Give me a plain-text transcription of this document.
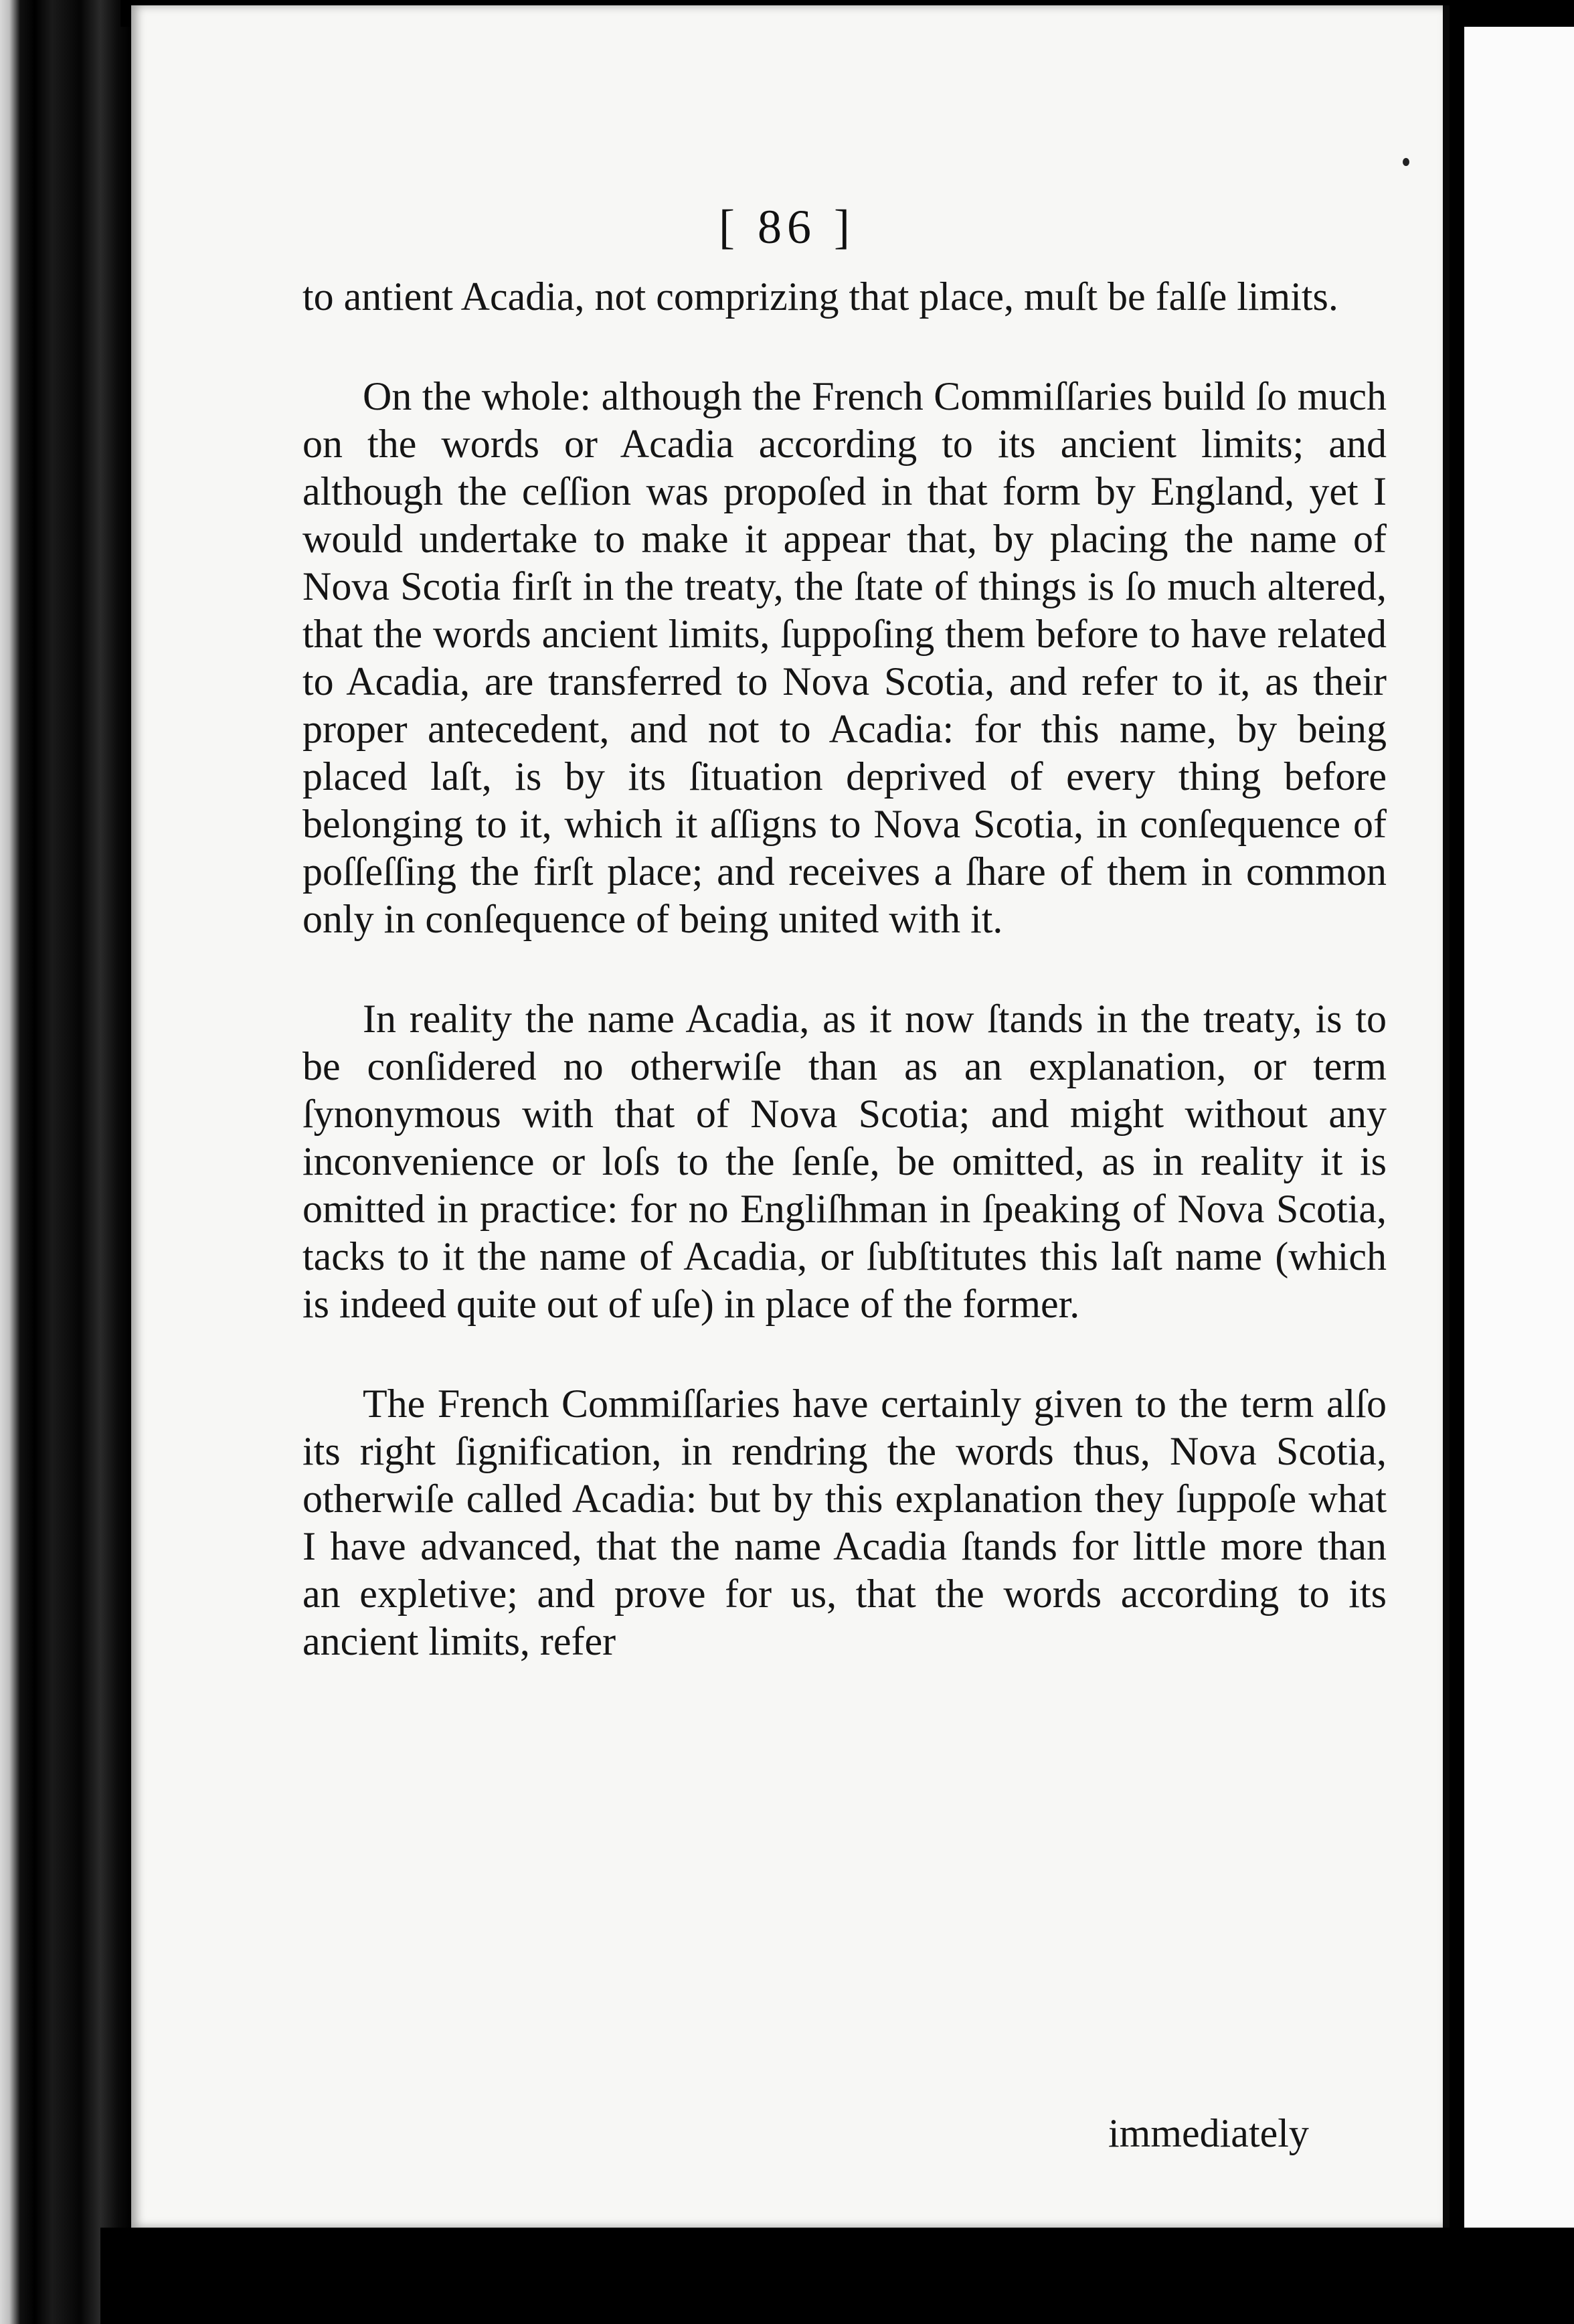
[ 86 ]

to antient Acadia, not comprizing that place, muſt be falſe limits.

On the whole: although the French Commiſſaries build ſo much on the words or Acadia according to its ancient limits; and although the ceſſion was propoſed in that form by England, yet I would undertake to make it appear that, by placing the name of Nova Scotia firſt in the treaty, the ſtate of things is ſo much altered, that the words ancient limits, ſuppoſing them before to have related to Acadia, are transferred to Nova Scotia, and refer to it, as their proper antecedent, and not to Acadia: for this name, by being placed laſt, is by its ſituation deprived of every thing before belonging to it, which it aſſigns to Nova Scotia, in conſequence of poſſeſſing the firſt place; and receives a ſhare of them in common only in conſequence of being united with it.

In reality the name Acadia, as it now ſtands in the treaty, is to be conſidered no otherwiſe than as an explanation, or term ſynonymous with that of Nova Scotia; and might without any inconvenience or loſs to the ſenſe, be omitted, as in reality it is omitted in practice: for no Engliſhman in ſpeaking of Nova Scotia, tacks to it the name of Acadia, or ſubſtitutes this laſt name (which is indeed quite out of uſe) in place of the former.

The French Commiſſaries have certainly given to the term alſo its right ſignification, in rendring the words thus, Nova Scotia, otherwiſe called Acadia: but by this explanation they ſuppoſe what I have advanced, that the name Acadia ſtands for little more than an expletive; and prove for us, that the words according to its ancient limits, refer

immediately
